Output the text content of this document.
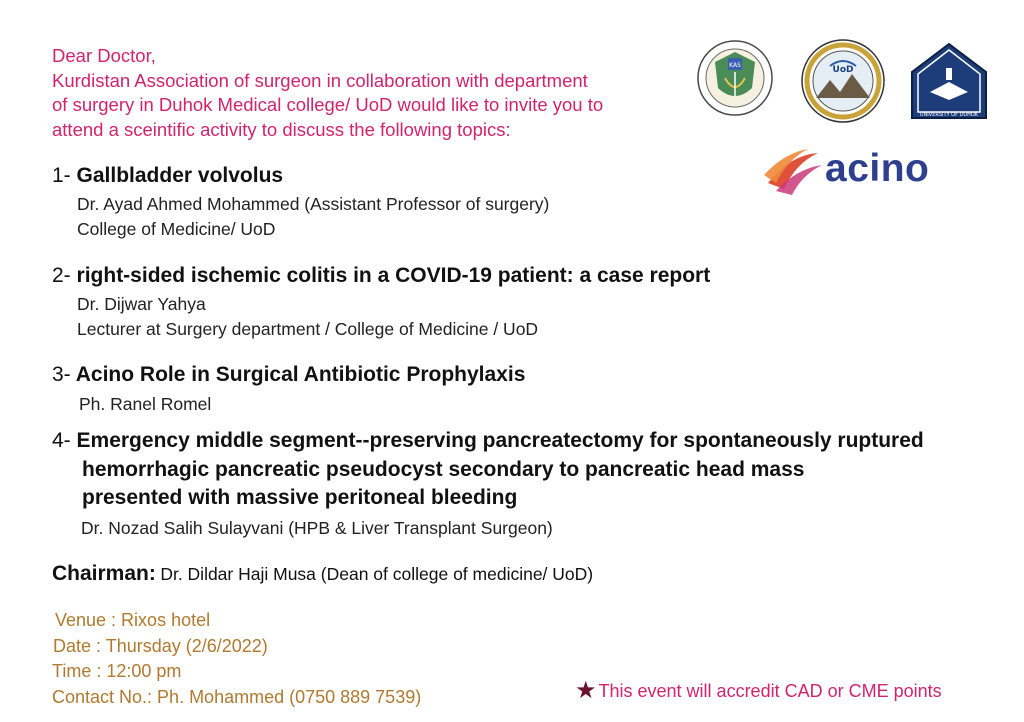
Dear Doctor,
Kurdistan Association of surgeon in collaboration with department
of surgery in Duhok Medical college/ UoD would like to invite you to
attend a sceintific activity to discuss the following topics:
KAS	UoD
UNIVERSITY OF DUHOK
acino
1- Gallbladder volvolus
Dr. Ayad Ahmed Mohammed (Assistant Professor of surgery)
College of Medicine/ UoD
2- right-sided ischemic colitis in a COVID-19 patient: a case report
Dr. Dijwar Yahya
Lecturer at Surgery department / College of Medicine / UoD
3- Acino Role in Surgical Antibiotic Prophylaxis
Ph. Ranel Romel
4- Emergency middle segment--preserving pancreatectomy for spontaneously ruptured
hemorrhagic pancreatic pseudocyst secondary to pancreatic head mass
presented with massive peritoneal bleeding
Dr. Nozad Salih Sulayvani (HPB & Liver Transplant Surgeon)
Chairman: Dr. Dildar Haji Musa (Dean of college of medicine/ UoD)
Venue : Rixos hotel
Date : Thursday (2/6/2022)
Time : 12:00 pm
Contact No.: Ph. Mohammed (0750 889 7539)	★ This event will accredit CAD or CME points
